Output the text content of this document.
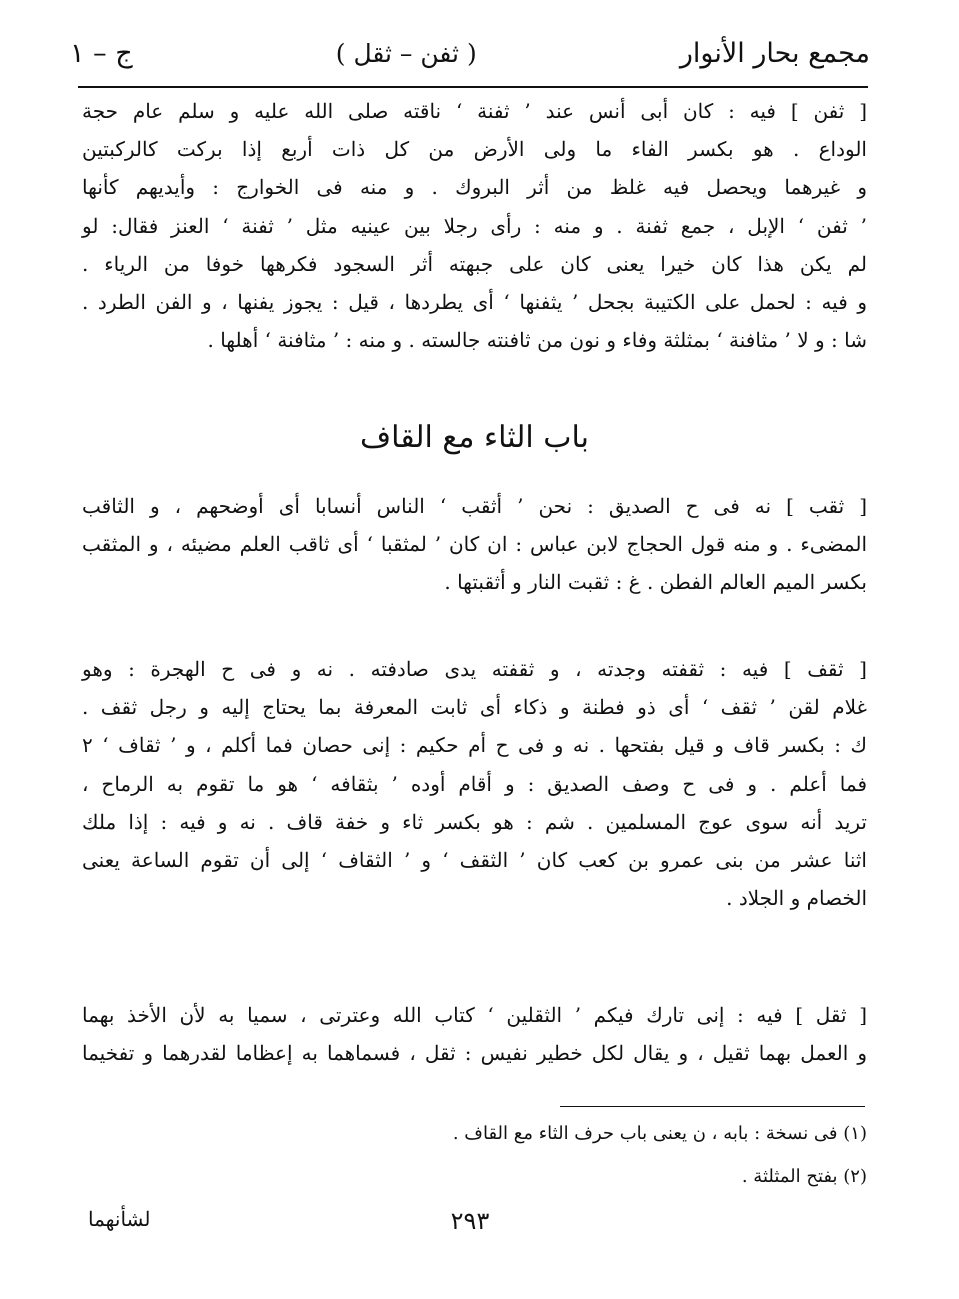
مجمع بحار الأنوار
( ثفن – ثقل )
ج – ۱
[ ثفن ] فيه : كان أبى أنس عند ’ ثفنة ‘ ناقته صلى الله عليه و سلم عام حجة
الوداع . هو بكسر الفاء ما ولى الأرض من كل ذات أربع إذا بركت كالركبتين
و غيرهما ويحصل فيه غلظ من أثر البروك . و منه فى الخوارج : وأيديهم كأنها
’ ثفن ‘ الإبل ، جمع ثفنة . و منه : رأى رجلا بين عينيه مثل ’ ثفنة ‘ العنز فقال: لو
لم يكن هذا كان خيرا يعنى كان على جبهته أثر السجود فكرهها خوفا من الرياء .
و فيه : لحمل على الكتيبة بجحل ’ يثفنها ‘ أى يطردها ، قيل : يجوز يفنها ، و الفن الطرد .
شا : و لا ’ مثافنة ‘ بمثلثة وفاء و نون من ثافنته جالسته . و منه : ’ مثافنة ‘ أهلها .
باب الثاء مع القاف
[ ثقب ] نه فى ح الصديق : نحن ’ أثقب ‘ الناس أنسابا أى أوضحهم ، و الثاقب
المضىء . و منه قول الحجاج لابن عباس : ان كان ’ لمثقبا ‘ أى ثاقب العلم مضيئه ، و المثقب
بكسر الميم العالم الفطن . غ : ثقبت النار و أثقبتها .
[ ثقف ] فيه : ثقفته وجدته ، و ثقفته يدى صادفته . نه و فى ح الهجرة : وهو
غلام لقن ’ ثقف ‘ أى ذو فطنة و ذكاء أى ثابت المعرفة بما يحتاج إليه و رجل ثقف .
ك : بكسر قاف و قيل بفتحها . نه و فى ح أم حكيم : إنى حصان فما أكلم ، و ’ ثقاف ‘ ٢
فما أعلم . و فى ح وصف الصديق : و أقام أوده ’ بثقافه ‘ هو ما تقوم به الرماح ،
تريد أنه سوى عوج المسلمين . شم : هو بكسر ثاء و خفة قاف . نه و فيه : إذا ملك
اثنا عشر من بنى عمرو بن كعب كان ’ الثقف ‘ و ’ الثقاف ‘ إلى أن تقوم الساعة يعنى
الخصام و الجلاد .
[ ثقل ] فيه : إنى تارك فيكم ’ الثقلين ‘ كتاب الله وعترتى ، سميا به لأن الأخذ بهما
و العمل بهما ثقيل ، و يقال لكل خطير نفيس : ثقل ، فسماهما به إعظاما لقدرهما و تفخيما
(١) فى نسخة : بابه ، ن يعنى باب حرف الثاء مع القاف .
(٢) بفتح المثلثة .
٢٩٣
لشأنهما
